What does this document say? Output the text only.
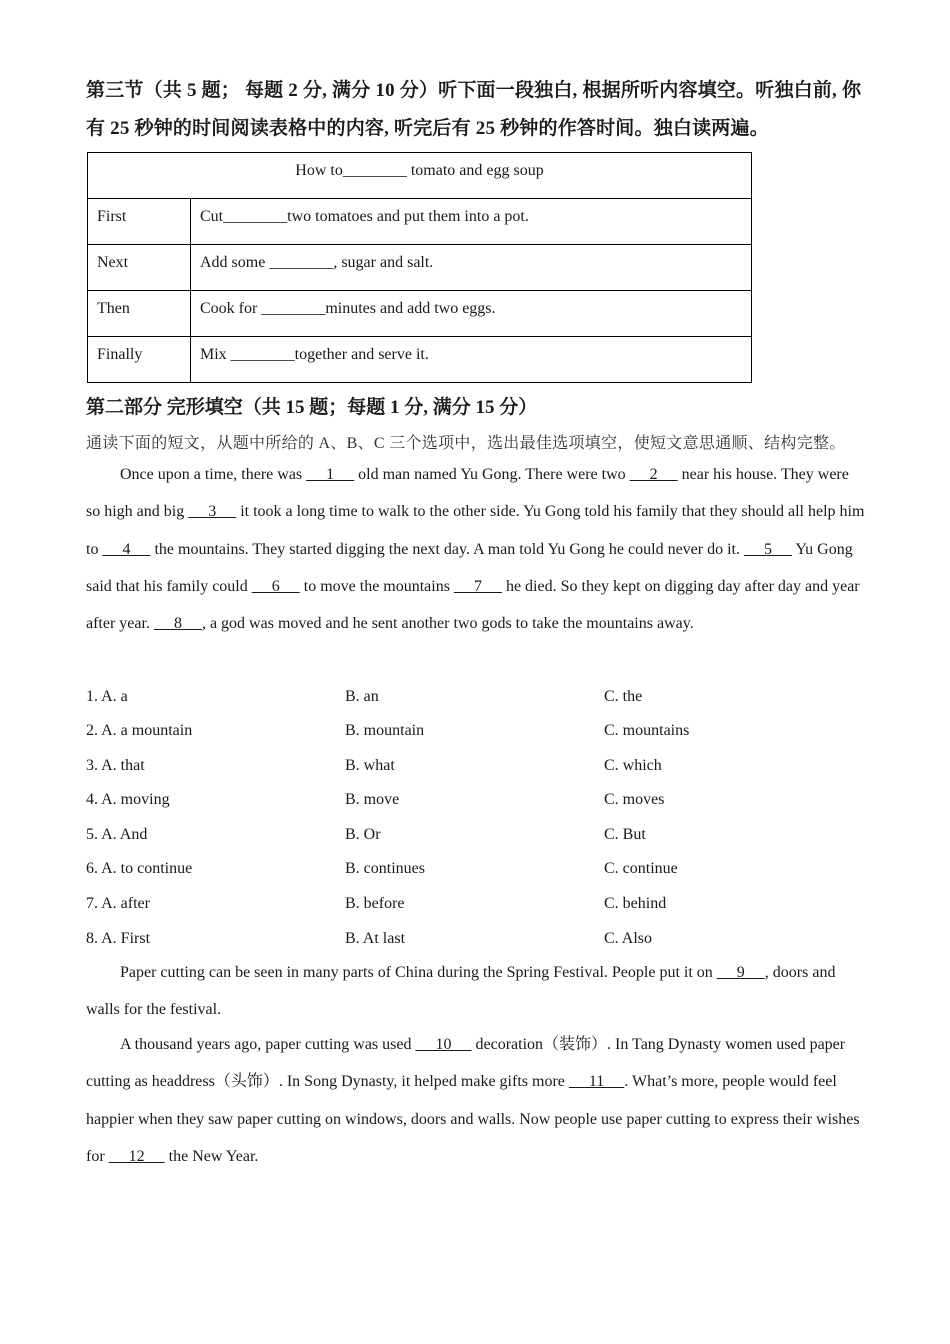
第三节（共 5 题； 每题 2 分, 满分 10 分）听下面一段独白, 根据所听内容填空。听独白前, 你有 25 秒钟的时间阅读表格中的内容, 听完后有 25 秒钟的作答时间。独白读两遍。
How to________ tomato and egg soup	
First	Cut________two tomatoes and put them into a pot.
Next	Add some ________, sugar and salt.
Then	Cook for ________minutes and add two eggs.
Finally	Mix ________together and serve it.
第二部分 完形填空（共 15 题；每题 1 分, 满分 15 分）
通读下面的短文，从题中所给的 A、B、C 三个选项中，选出最佳选项填空，使短文意思通顺、结构完整。
Once upon a time, there was      1      old man named Yu Gong. There were two      2      near his house. They were so high and big      3      it took a long time to walk to the other side. Yu Gong told his family that they should all help him to      4      the mountains. They started digging the next day. A man told Yu Gong he could never do it.      5      Yu Gong said that his family could      6      to move the mountains      7      he died. So they kept on digging day after day and year after year.      8     , a god was moved and he sent another two gods to take the mountains away.
1. A. a	B. an	C. the
2. A. a mountain	B. mountain	C. mountains
3. A. that	B. what	C. which
4. A. moving	B. move	C. moves
5. A. And	B. Or	C. But
6. A. to continue	B. continues	C. continue
7. A. after	B. before	C. behind
8. A. First	B. At last	C. Also
Paper cutting can be seen in many parts of China during the Spring Festival. People put it on      9     , doors and walls for the festival.
A thousand years ago, paper cutting was used      10      decoration（装饰）. In Tang Dynasty women used paper cutting as headdress（头饰）. In Song Dynasty, it helped make gifts more      11     . What’s more, people would feel happier when they saw paper cutting on windows, doors and walls. Now people use paper cutting to express their wishes for      12      the New Year.
